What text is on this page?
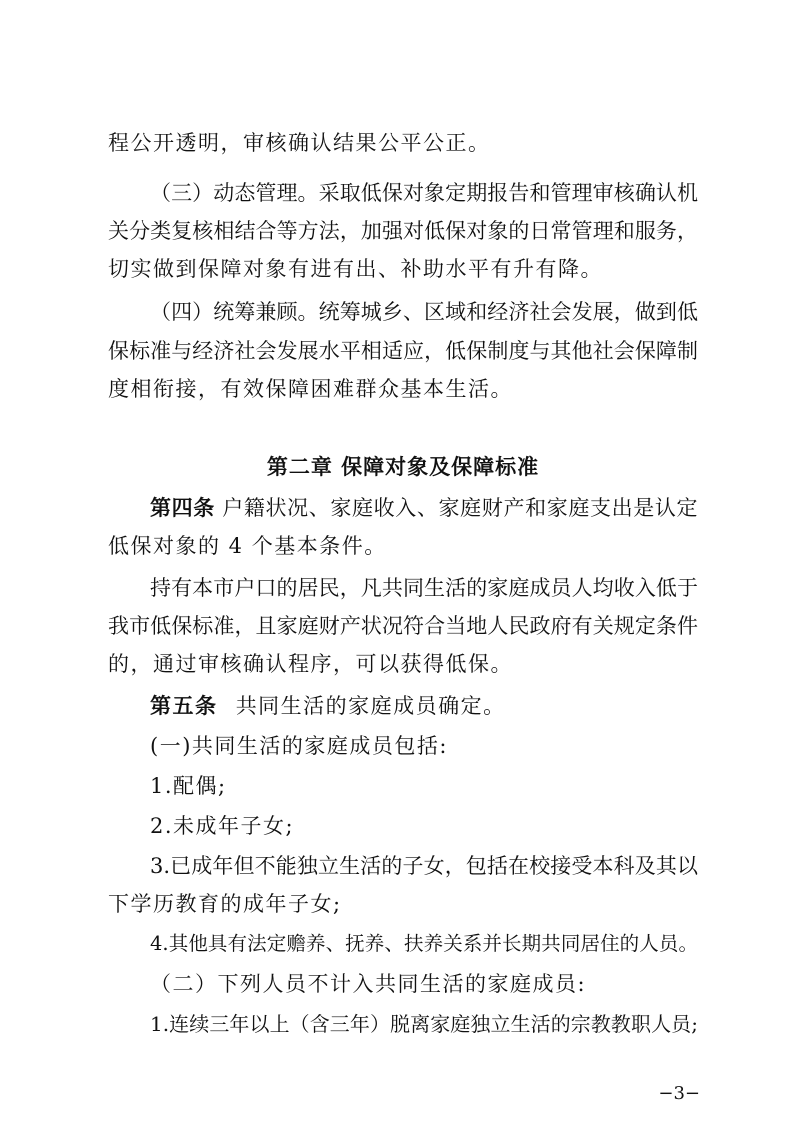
程公开透明，审核确认结果公平公正。
（三）动态管理。采取低保对象定期报告和管理审核确认机
关分类复核相结合等方法，加强对低保对象的日常管理和服务，
切实做到保障对象有进有出、补助水平有升有降。
（四）统筹兼顾。统筹城乡、区域和经济社会发展，做到低
保标准与经济社会发展水平相适应，低保制度与其他社会保障制
度相衔接，有效保障困难群众基本生活。
第二章 保障对象及保障标准
第四条 户籍状况、家庭收入、家庭财产和家庭支出是认定
低保对象的 4 个基本条件。
持有本市户口的居民，凡共同生活的家庭成员人均收入低于
我市低保标准，且家庭财产状况符合当地人民政府有关规定条件
的，通过审核确认程序，可以获得低保。
第五条 共同生活的家庭成员确定。
(一)共同生活的家庭成员包括:
1.配偶;
2.未成年子女;
3.已成年但不能独立生活的子女，包括在校接受本科及其以
下学历教育的成年子女;
4.其他具有法定赡养、抚养、扶养关系并长期共同居住的人员。
（二）下列人员不计入共同生活的家庭成员:
1.连续三年以上（含三年）脱离家庭独立生活的宗教教职人员;
−3−
